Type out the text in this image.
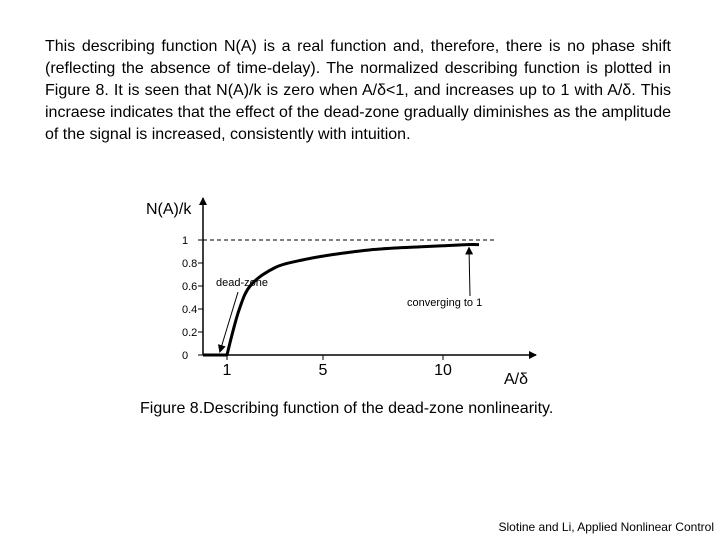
This describing function N(A) is a real function and, therefore, there is no phase shift (reflecting the absence of time-delay). The normalized describing function is plotted in Figure 8. It is seen that N(A)/k is zero when A/δ<1, and increases up to 1 with A/δ. This incraese indicates that the effect of the dead-zone gradually diminishes as the amplitude of the signal is increased, consistently with intuition.

dead-zone
converging to 1
N(A)/k
A/δ
0
0.2
0.4
0.6
0.8
1
1	5	10
Figure 8.Describing function of the dead-zone nonlinearity.
Slotine and Li, Applied Nonlinear Control
